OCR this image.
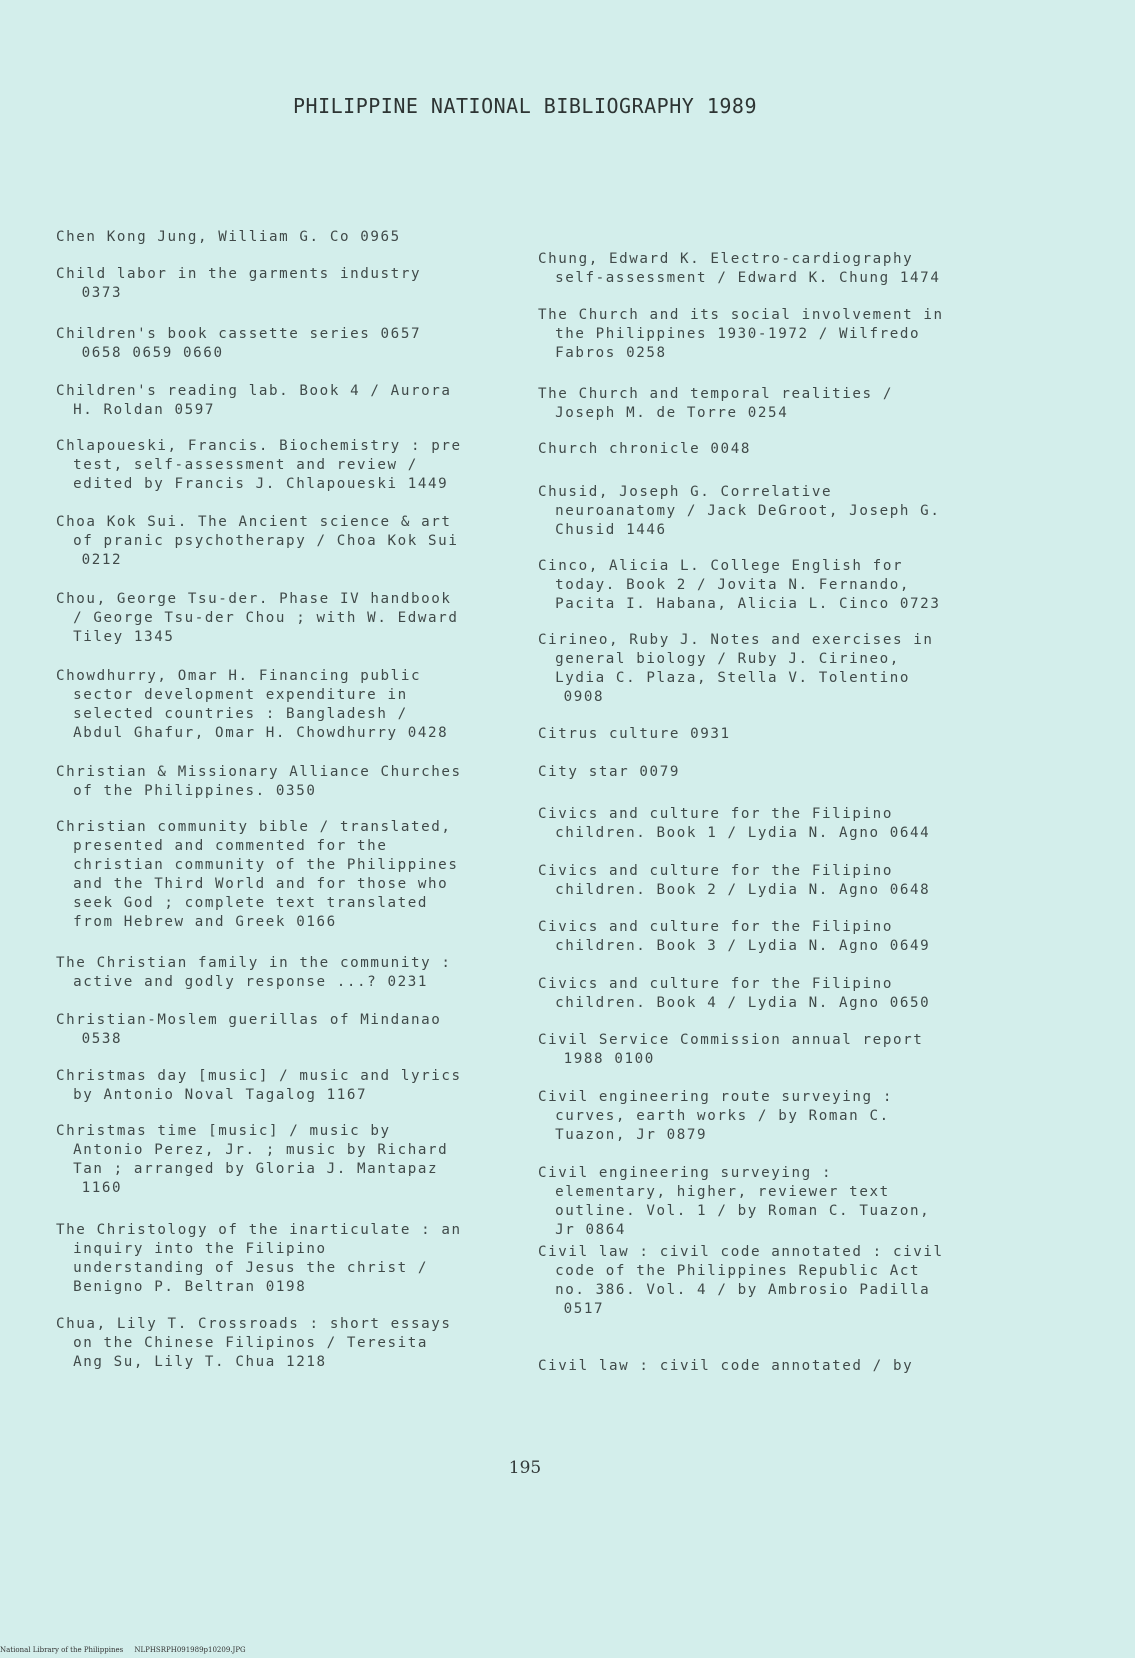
PHILIPPINE NATIONAL BIBLIOGRAPHY 1989
Chen Kong Jung, William G. Co 0965
Child labor in the garments industry
0373
Children's book cassette series 0657
0658 0659 0660
Children's reading lab. Book 4 / Aurora
H. Roldan 0597
Chlapoueski, Francis. Biochemistry : pre
test, self-assessment and review /
edited by Francis J. Chlapoueski 1449
Choa Kok Sui. The Ancient science & art
of pranic psychotherapy / Choa Kok Sui
0212
Chou, George Tsu-der. Phase IV handbook
/ George Tsu-der Chou ; with W. Edward
Tiley 1345
Chowdhurry, Omar H. Financing public
sector development expenditure in
selected countries : Bangladesh /
Abdul Ghafur, Omar H. Chowdhurry 0428
Christian & Missionary Alliance Churches
of the Philippines. 0350
Christian community bible / translated,
presented and commented for the
christian community of the Philippines
and the Third World and for those who
seek God ; complete text translated
from Hebrew and Greek 0166
The Christian family in the community :
active and godly response ...? 0231
Christian-Moslem guerillas of Mindanao
0538
Christmas day [music] / music and lyrics
by Antonio Noval Tagalog 1167
Christmas time [music] / music by
Antonio Perez, Jr. ; music by Richard
Tan ; arranged by Gloria J. Mantapaz
1160
The Christology of the inarticulate : an
inquiry into the Filipino
understanding of Jesus the christ /
Benigno P. Beltran 0198
Chua, Lily T. Crossroads : short essays
on the Chinese Filipinos / Teresita
Ang Su, Lily T. Chua 1218
Chung, Edward K. Electro-cardiography
self-assessment / Edward K. Chung 1474
The Church and its social involvement in
the Philippines 1930-1972 / Wilfredo
Fabros 0258
The Church and temporal realities /
Joseph M. de Torre 0254
Church chronicle 0048
Chusid, Joseph G. Correlative
neuroanatomy / Jack DeGroot, Joseph G.
Chusid 1446
Cinco, Alicia L. College English for
today. Book 2 / Jovita N. Fernando,
Pacita I. Habana, Alicia L. Cinco 0723
Cirineo, Ruby J. Notes and exercises in
general biology / Ruby J. Cirineo,
Lydia C. Plaza, Stella V. Tolentino
0908
Citrus culture 0931
City star 0079
Civics and culture for the Filipino
children. Book 1 / Lydia N. Agno 0644
Civics and culture for the Filipino
children. Book 2 / Lydia N. Agno 0648
Civics and culture for the Filipino
children. Book 3 / Lydia N. Agno 0649
Civics and culture for the Filipino
children. Book 4 / Lydia N. Agno 0650
Civil Service Commission annual report
1988 0100
Civil engineering route surveying :
curves, earth works / by Roman C.
Tuazon, Jr 0879
Civil engineering surveying :
elementary, higher, reviewer text
outline. Vol. 1 / by Roman C. Tuazon,
Jr 0864
Civil law : civil code annotated : civil
code of the Philippines Republic Act
no. 386. Vol. 4 / by Ambrosio Padilla
0517
Civil law : civil code annotated / by
195
National Library of the Philippines     NLPHSRPH091989p10209.JPG
